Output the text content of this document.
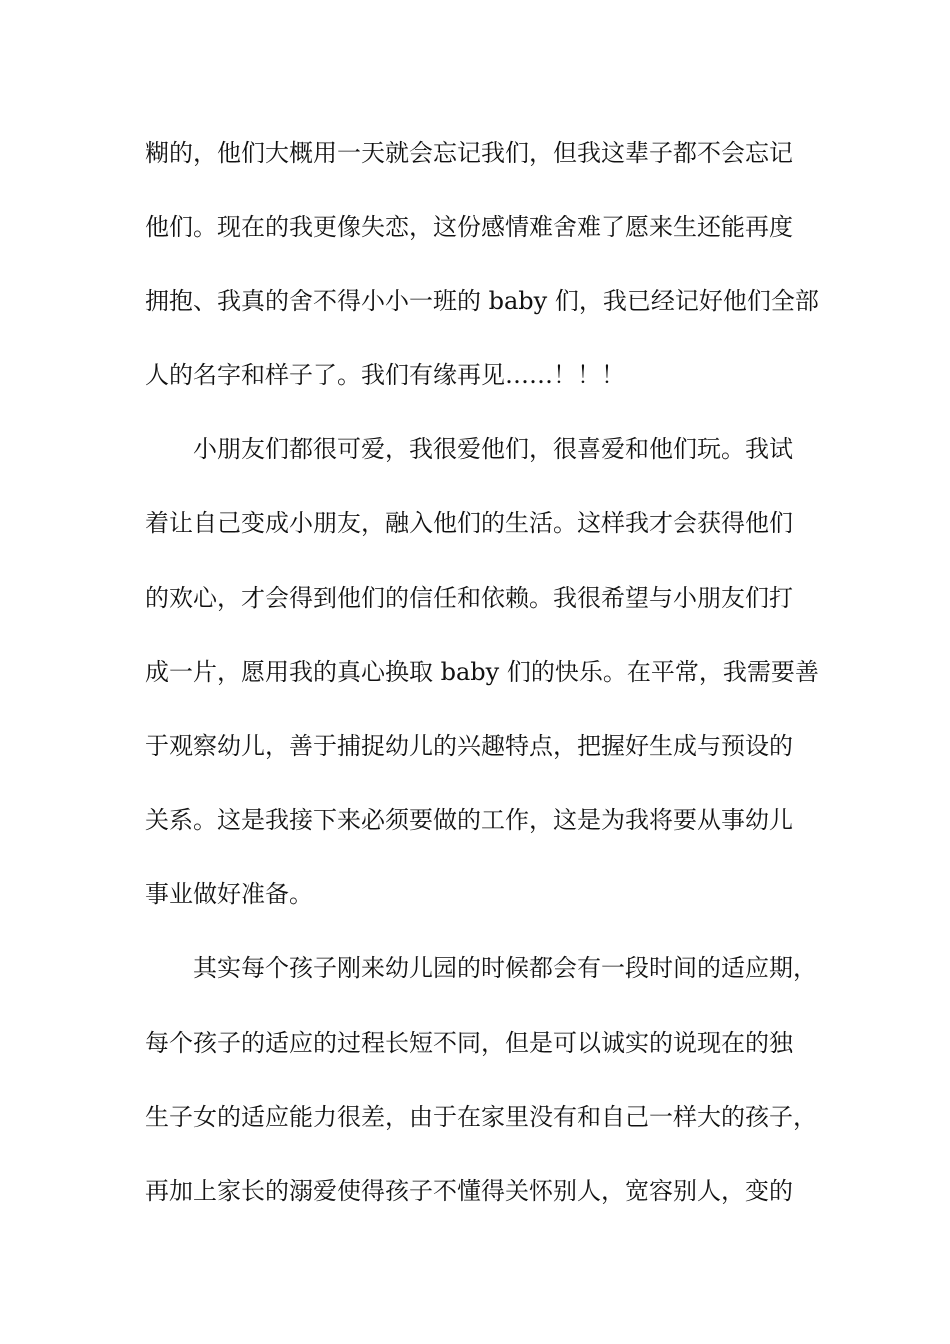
糊的，他们大概用一天就会忘记我们，但我这辈子都不会忘记
他们。现在的我更像失恋，这份感情难舍难了愿来生还能再度
拥抱、我真的舍不得小小一班的 baby 们，我已经记好他们全部
人的名字和样子了。我们有缘再见……！！！
　　小朋友们都很可爱，我很爱他们，很喜爱和他们玩。我试
着让自己变成小朋友，融入他们的生活。这样我才会获得他们
的欢心，才会得到他们的信任和依赖。我很希望与小朋友们打
成一片，愿用我的真心换取 baby 们的快乐。在平常，我需要善
于观察幼儿，善于捕捉幼儿的兴趣特点，把握好生成与预设的
关系。这是我接下来必须要做的工作，这是为我将要从事幼儿
事业做好准备。
　　其实每个孩子刚来幼儿园的时候都会有一段时间的适应期，
每个孩子的适应的过程长短不同，但是可以诚实的说现在的独
生子女的适应能力很差，由于在家里没有和自己一样大的孩子，
再加上家长的溺爱使得孩子不懂得关怀别人，宽容别人，变的
